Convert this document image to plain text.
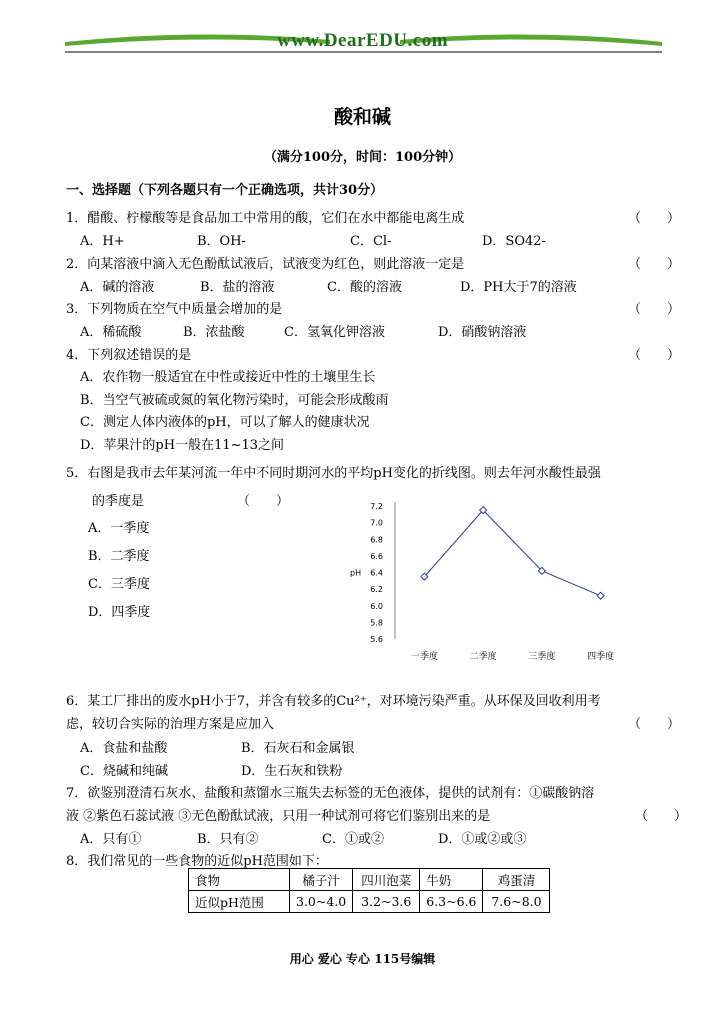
www.DearEDU.com
酸和碱
（满分100分，时间：100分钟）
一、选择题（下列各题只有一个正确选项，共计30分）
1．醋酸、柠檬酸等是食品加工中常用的酸，它们在水中都能电离生成	（　　）
A．H+	B．OH-	C．Cl-	D．SO42-
2．向某溶液中滴入无色酚酞试液后，试液变为红色，则此溶液一定是	（　　）
A．碱的溶液	B．盐的溶液	C．酸的溶液	D．PH大于7的溶液
3．下列物质在空气中质量会增加的是	（　　）
A．稀硫酸	B．浓盐酸	C．氢氧化钾溶液	D．硝酸钠溶液
4．下列叙述错误的是	（　　）
A．农作物一般适宜在中性或接近中性的土壤里生长
B．当空气被硫或氮的氧化物污染时，可能会形成酸雨
C．测定人体内液体的pH，可以了解人的健康状况
D．苹果汁的pH一般在11~13之间
5．右图是我市去年某河流一年中不同时期河水的平均pH变化的折线图。则去年河水酸性最强
的季度是	（　　）
A．一季度
B．二季度
C．三季度
D．四季度
7.2
7.0
6.8
6.6
6.4
6.2
6.0
5.8
5.6
pH
一季度	二季度	三季度	四季度
6．某工厂排出的废水pH小于7，并含有较多的Cu²⁺，对环境污染严重。从环保及回收利用考
虑，较切合实际的治理方案是应加入	（　　）
A．食盐和盐酸	B．石灰石和金属银
C．烧碱和纯碱	D．生石灰和铁粉
7．欲鉴别澄清石灰水、盐酸和蒸馏水三瓶失去标签的无色液体，提供的试剂有：①碳酸钠溶
液 ②紫色石蕊试液 ③无色酚酞试液，只用一种试剂可将它们鉴别出来的是	（　　）
A．只有①	B．只有②	C．①或②	D．①或②或③
8．我们常见的一些食物的近似pH范围如下：
食物	橘子汁	四川泡菜	牛奶	鸡蛋清
近似pH范围	3.0~4.0	3.2~3.6	6.3~6.6	7.6~8.0
用心 爱心 专心 115号编辑
